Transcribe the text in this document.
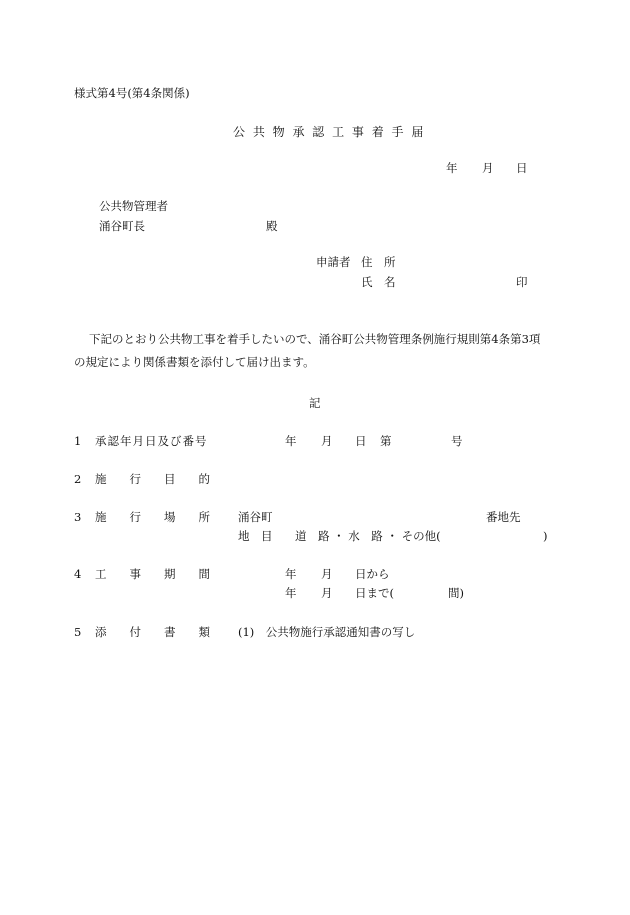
様式第4号(第4条関係)
公 共 物 承 認 工 事 着 手 届
年 月 日
公共物管理者
涌谷町長	殿
申請者 住　所
氏　名	印
下記のとおり公共物工事を着手したいので、涌谷町公共物管理条例施行規則第4条第3項
の規定により関係書類を添付して届け出ます。
記
1 承認年月日及び番号	年 月 日 第	号
2 施　　行　　目　　的
3 施　　行　　場　　所 涌谷町	番地先
地　目 道　路 ・ 水　路 ・ その他(	)
4 工　　事　　期　　間	年 月 日から
年 月 日まで(	間)
5 添　　付　　書　　類 (1)　公共物施行承認通知書の写し
